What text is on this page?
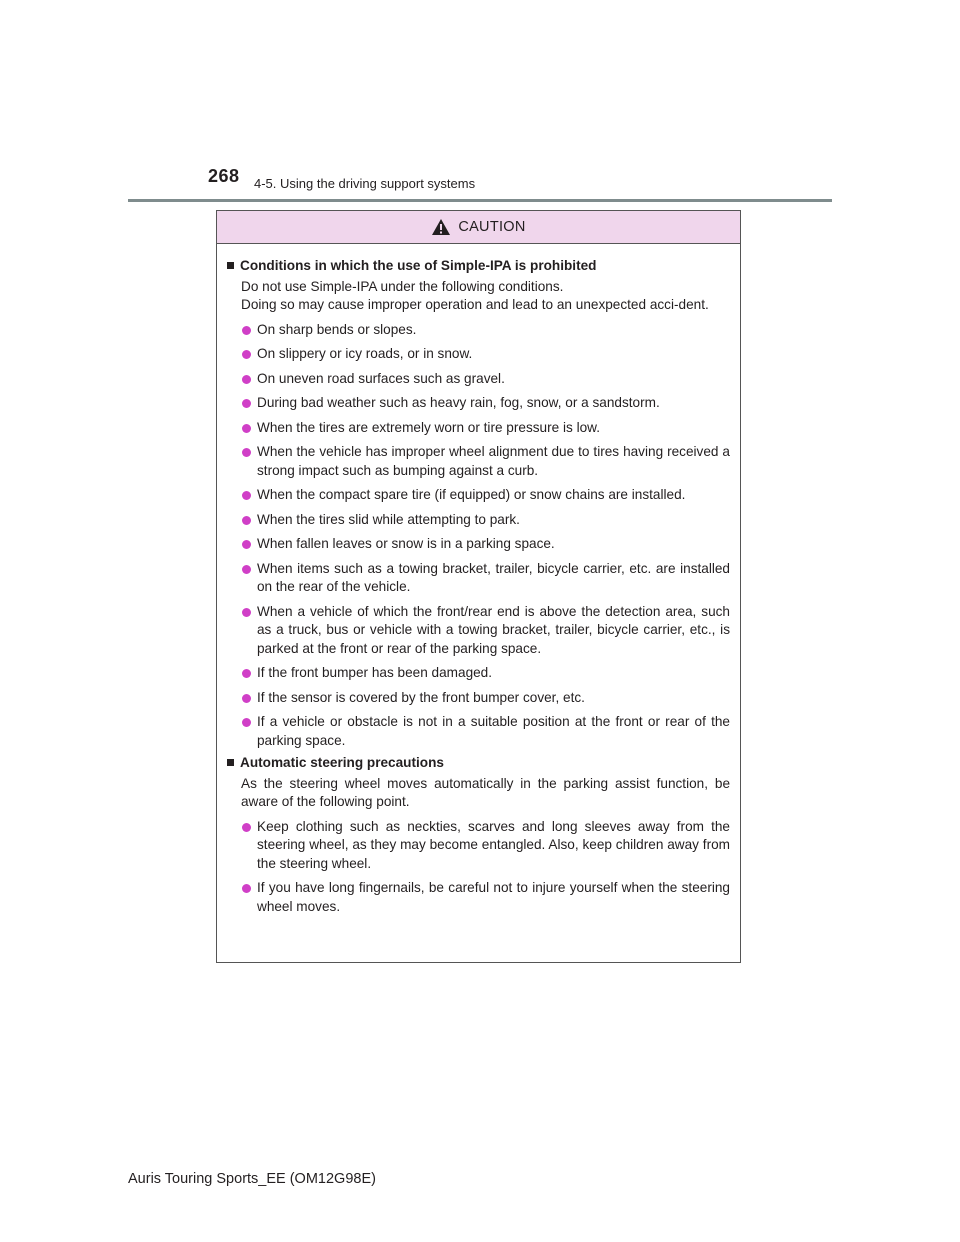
268 4-5. Using the driving support systems
CAUTION
Conditions in which the use of Simple-IPA is prohibited
Do not use Simple-IPA under the following conditions.
Doing so may cause improper operation and lead to an unexpected acci-dent.
On sharp bends or slopes.
On slippery or icy roads, or in snow.
On uneven road surfaces such as gravel.
During bad weather such as heavy rain, fog, snow, or a sandstorm.
When the tires are extremely worn or tire pressure is low.
When the vehicle has improper wheel alignment due to tires having received a strong impact such as bumping against a curb.
When the compact spare tire (if equipped) or snow chains are installed.
When the tires slid while attempting to park.
When fallen leaves or snow is in a parking space.
When items such as a towing bracket, trailer, bicycle carrier, etc. are installed on the rear of the vehicle.
When a vehicle of which the front/rear end is above the detection area, such as a truck, bus or vehicle with a towing bracket, trailer, bicycle carrier, etc., is parked at the front or rear of the parking space.
If the front bumper has been damaged.
If the sensor is covered by the front bumper cover, etc.
If a vehicle or obstacle is not in a suitable position at the front or rear of the parking space.
Automatic steering precautions
As the steering wheel moves automatically in the parking assist function, be aware of the following point.
Keep clothing such as neckties, scarves and long sleeves away from the steering wheel, as they may become entangled. Also, keep children away from the steering wheel.
If you have long fingernails, be careful not to injure yourself when the steering wheel moves.
Auris Touring Sports_EE (OM12G98E)
